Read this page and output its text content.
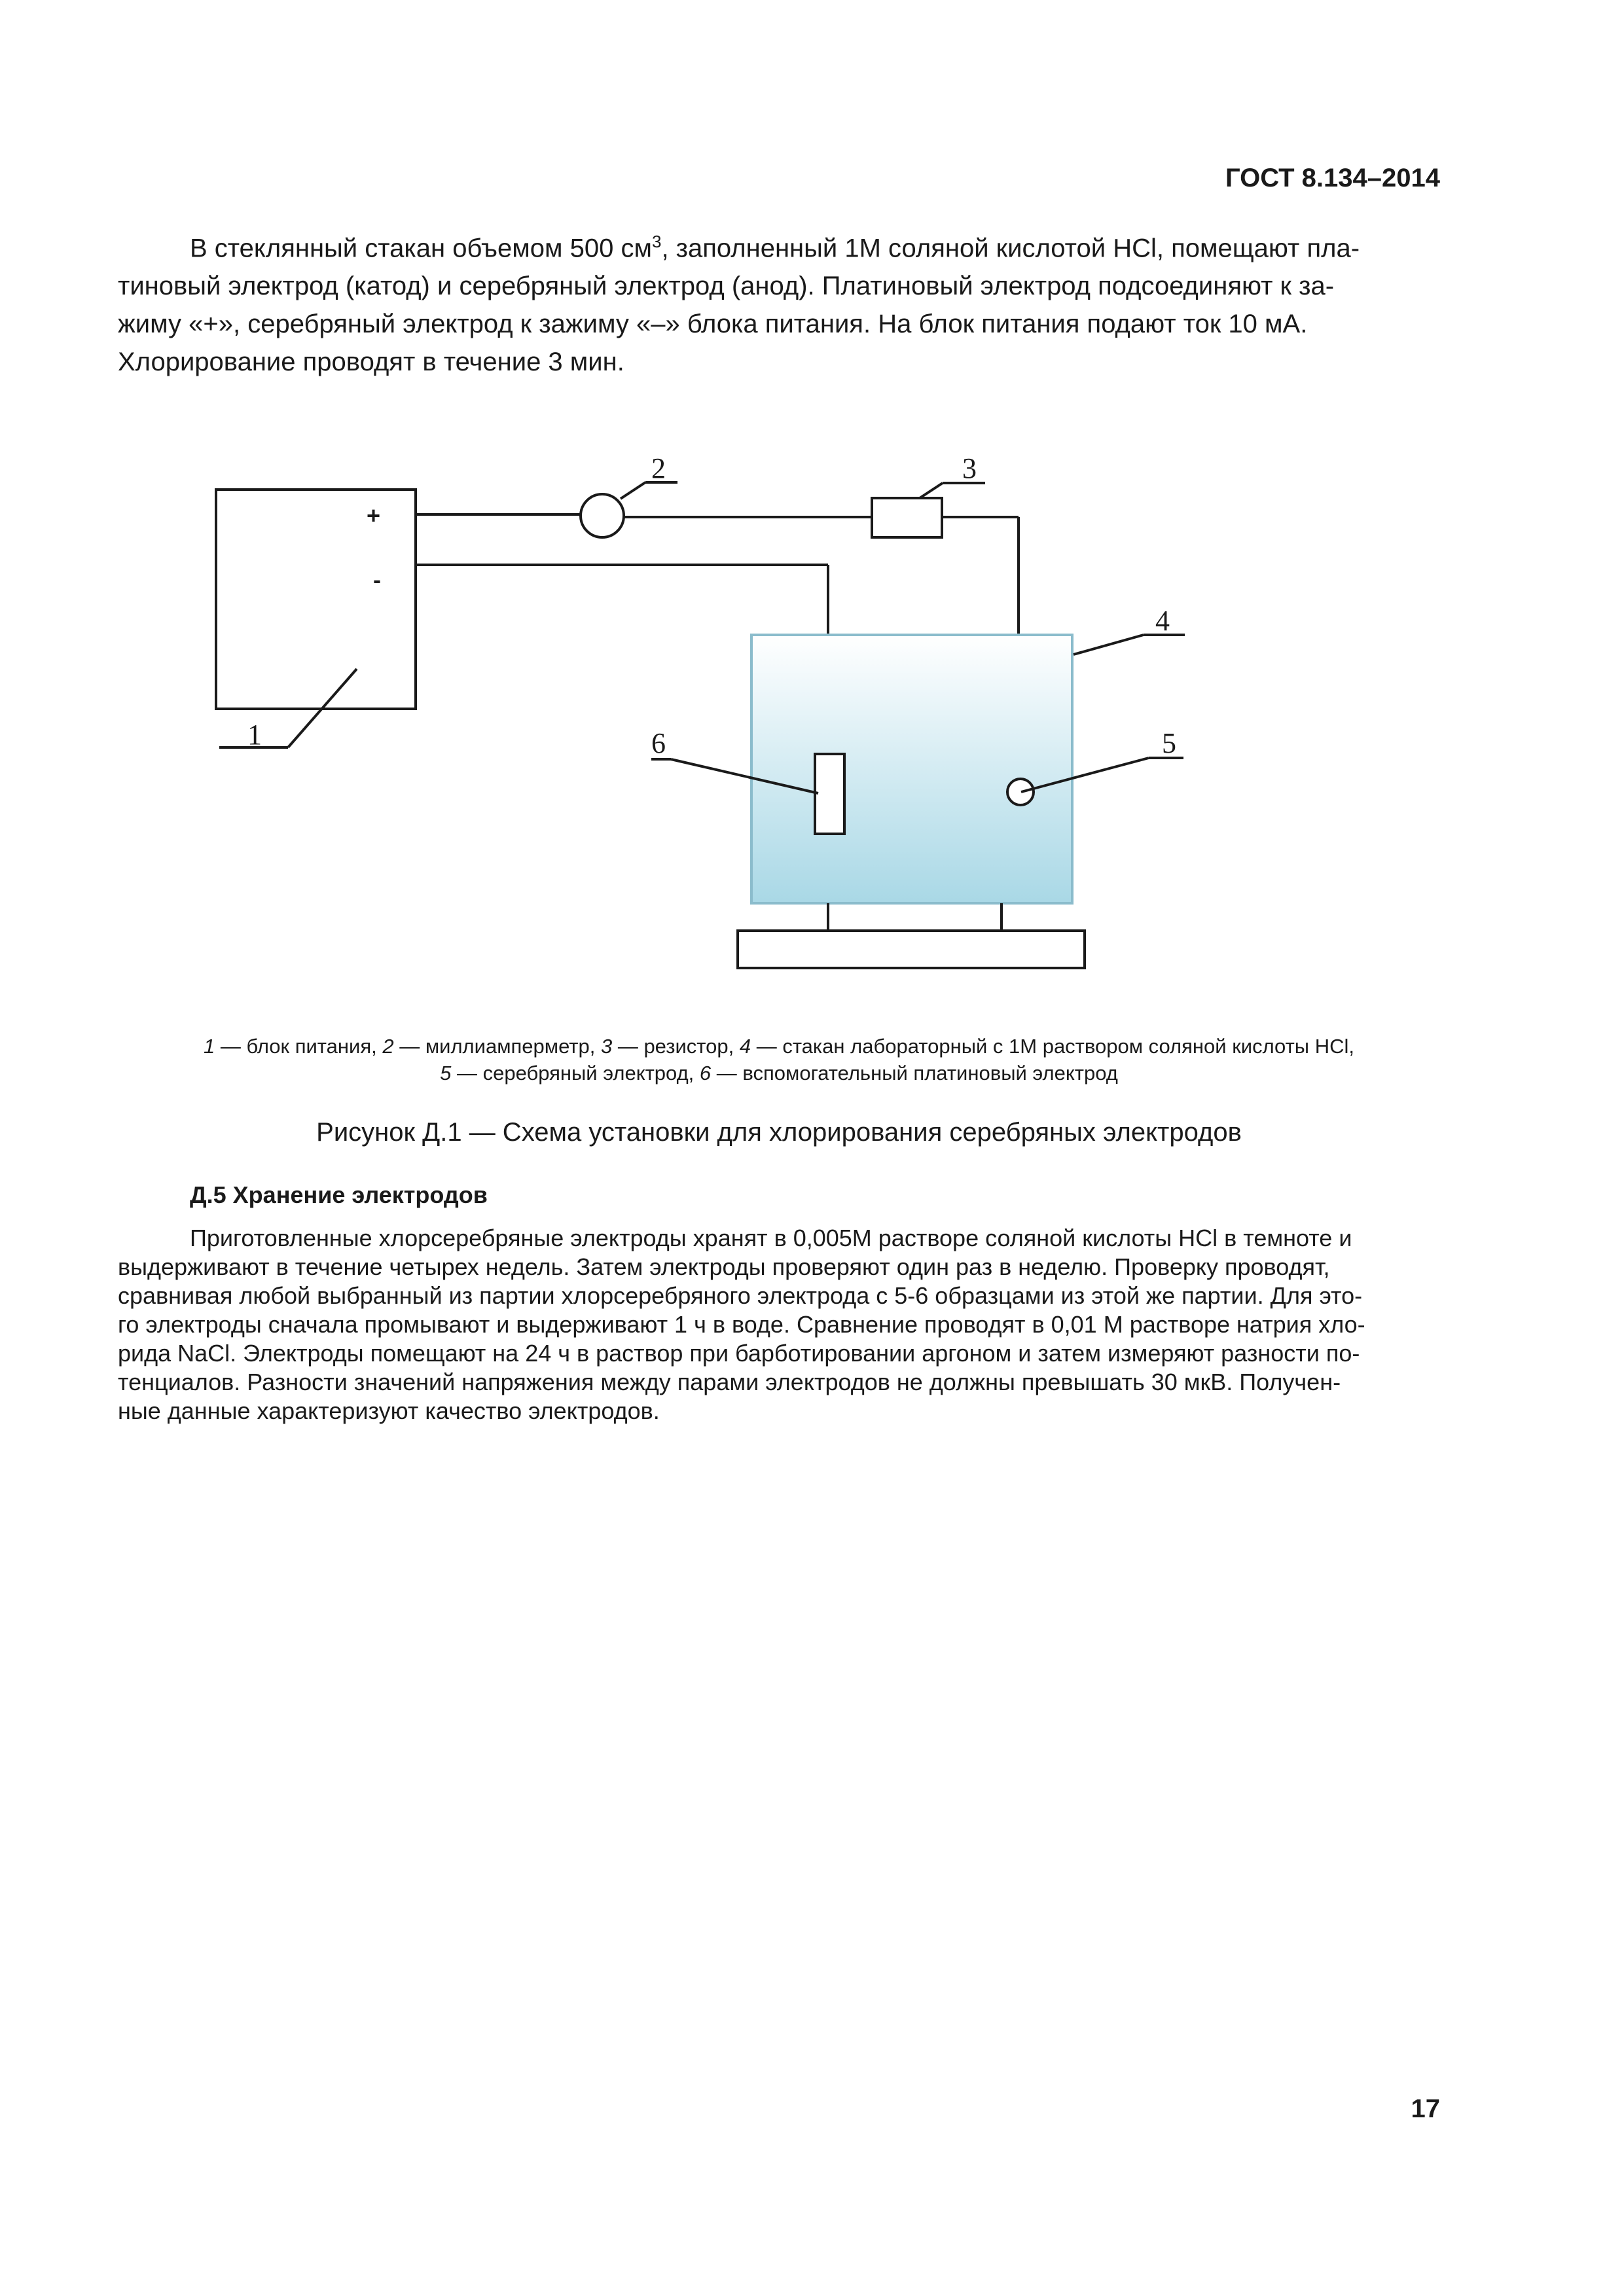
ГОСТ 8.134–2014

В стеклянный стакан объемом 500 $см^3$, заполненный 1М соляной кислотой HCl, помещают пла-
тиновый электрод (катод) и серебряный электрод (анод). Платиновый электрод подсоединяют к за-
жиму «+», серебряный электрод к зажиму «–» блока питания. На блок питания подают ток 10 мА.
Хлорирование проводят в течение 3 мин.

+
-
1
2	3
4
5
6
1 — блок питания, 2 — миллиамперметр, 3 — резистор, 4 — стакан лабораторный с 1М раствором соляной кислоты HCl,
5 — серебряный электрод, 6 — вспомогательный платиновый электрод
Рисунок Д.1 — Схема установки для хлорирования серебряных электродов
Д.5 Хранение электродов

Приготовленные хлорсеребряные электроды хранят в 0,005М растворе соляной кислоты HCl в темноте и
выдерживают в течение четырех недель. Затем электроды проверяют один раз в неделю. Проверку проводят,
сравнивая любой выбранный из партии хлорсеребряного электрода с 5-6 образцами из этой же партии. Для это-
го электроды сначала промывают и выдерживают 1 ч в воде. Сравнение проводят в 0,01 М растворе натрия хло-
рида NaCl. Электроды помещают на 24 ч в раствор при барботировании аргоном и затем измеряют разности по-
тенциалов. Разности значений напряжения между парами электродов не должны превышать 30 мкВ. Получен-
ные данные характеризуют качество электродов.

17
